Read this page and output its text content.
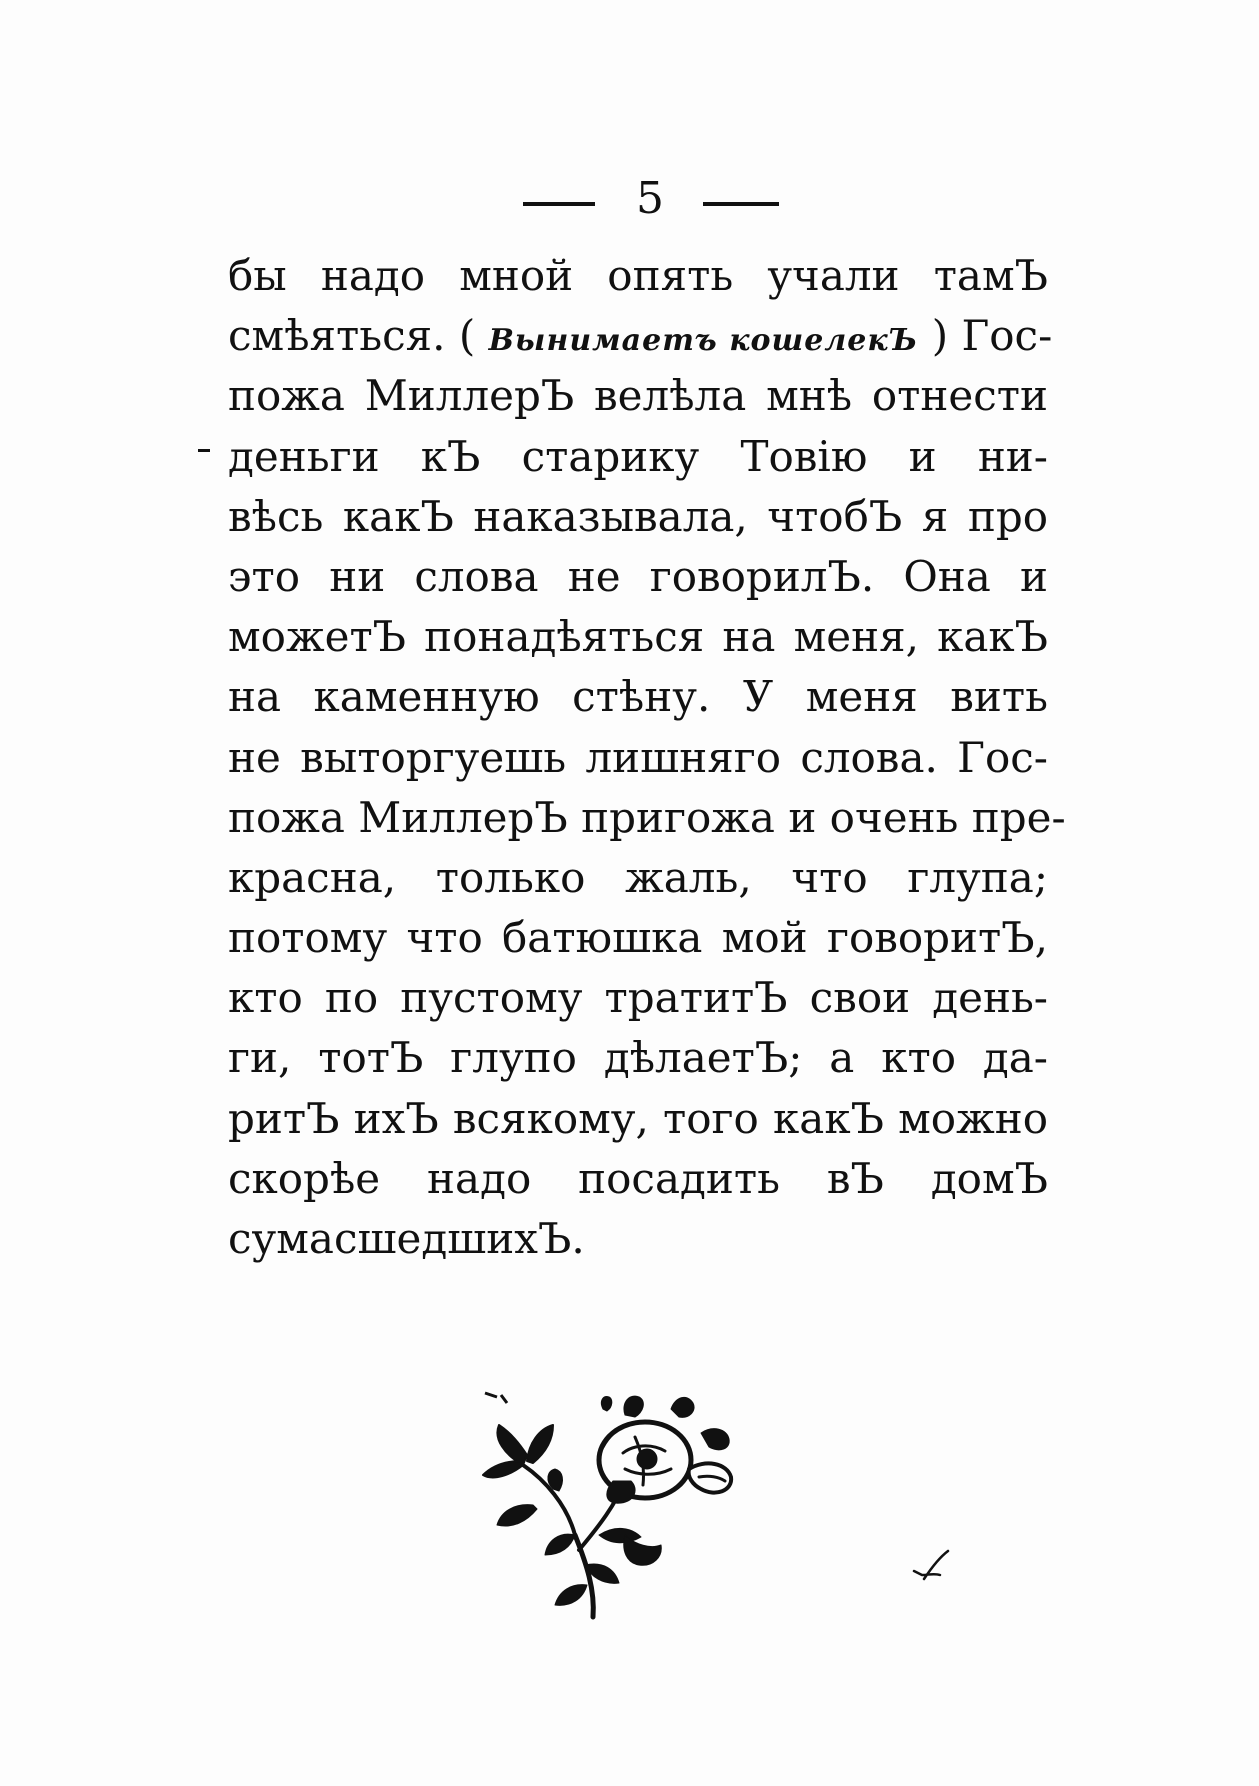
5
бы надо мной опять учали тамЪ
смѣяться. ( Вынимаетъ кошелекЪ ) Гос-
пожа МиллерЪ велѣла мнѣ отнести
деньги кЪ старику Товію и ни-
вѣсь какЪ наказывала, чтобЪ я про
это ни слова не говорилЪ. Она и
можетЪ понадѣяться на меня, какЪ
на каменную стѣну. У меня вить
не выторгуешь лишняго слова. Гос-
пожа МиллерЪ пригожа и очень пре-
красна, только жаль, что глупа;
потому что батюшка мой говоритЪ,
кто по пустому тратитЪ свои день-
ги, тотЪ глупо дѣлаетЪ; а кто да-
ритЪ ихЪ всякому, того какЪ можно
скорѣе надо посадить вЪ домЪ
сумасшедшихЪ.
